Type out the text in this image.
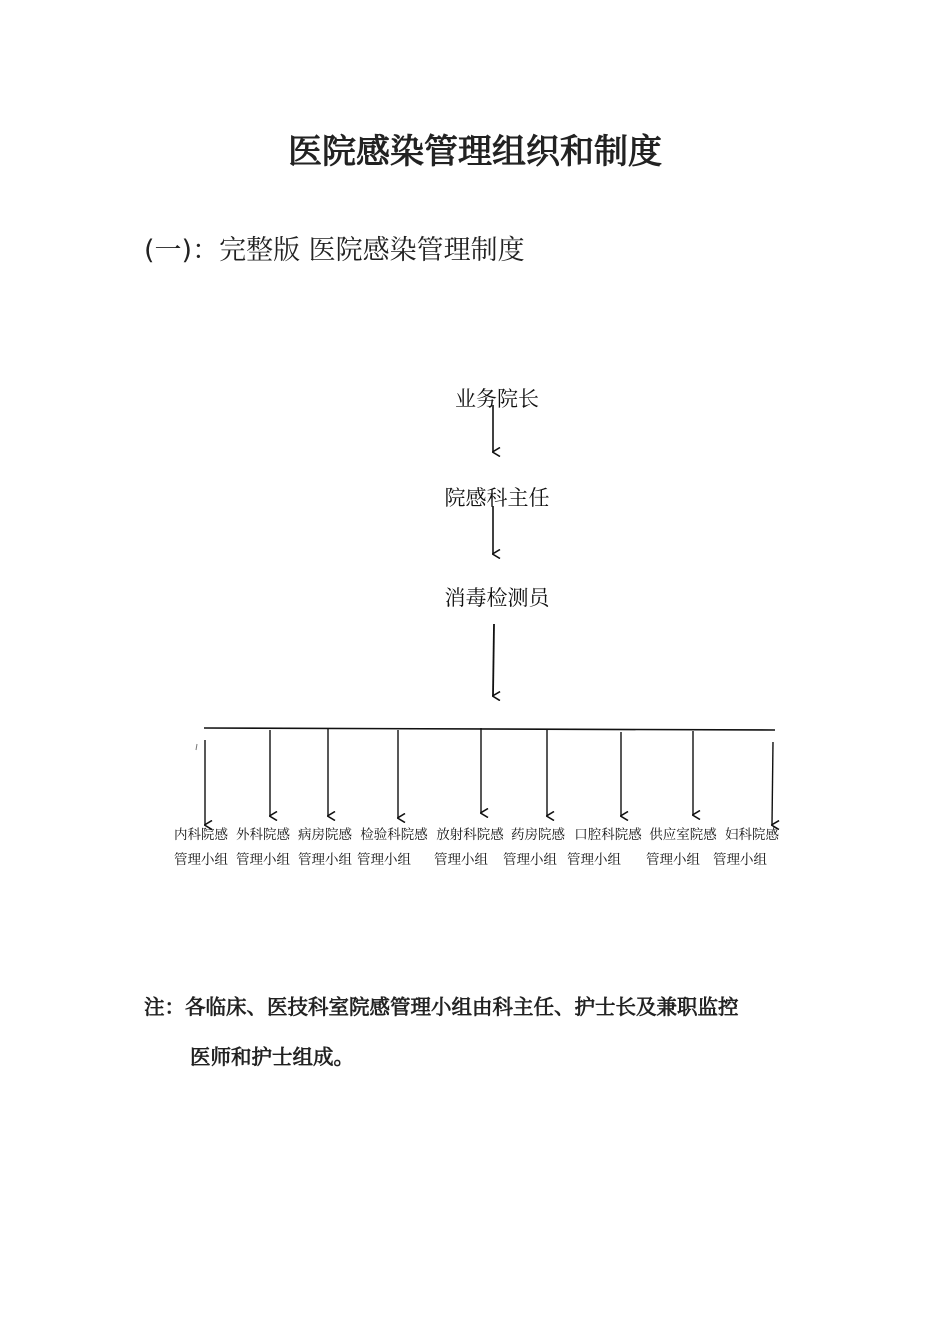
医院感染管理组织和制度
(一)：完整版 医院感染管理制度
业务院长
院感科主任
消毒检测员
内科院感
管理小组
外科院感
管理小组
病房院感
管理小组
检验科院感
管理小组
放射科院感
管理小组
药房院感
管理小组
口腔科院感
管理小组
供应室院感
管理小组
妇科院感
管理小组
注：各临床、医技科室院感管理小组由科主任、护士长及兼职监控
医师和护士组成。
